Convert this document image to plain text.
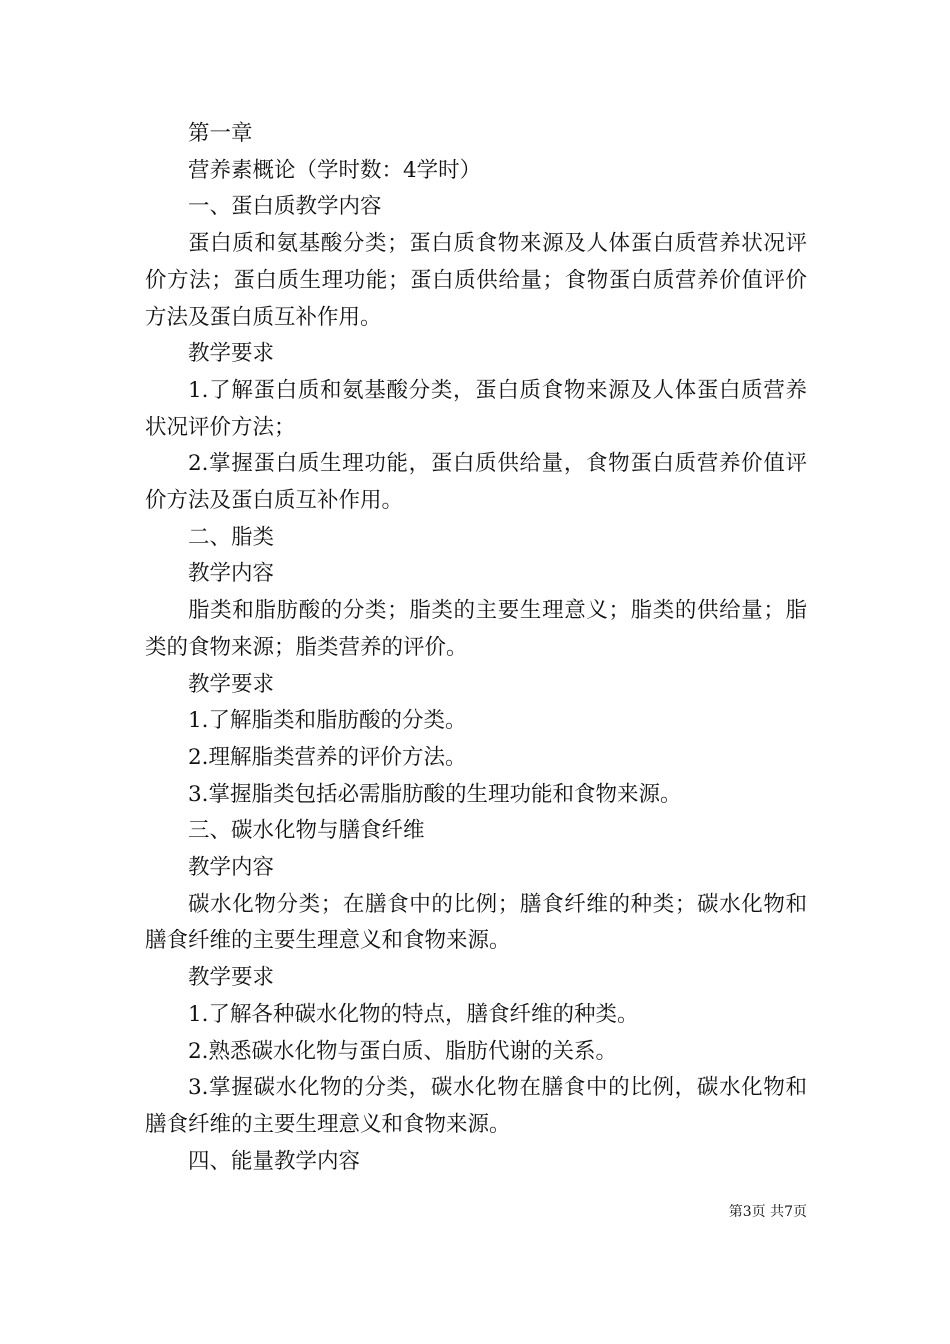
第一章

营养素概论（学时数：4学时）

一、蛋白质教学内容

蛋白质和氨基酸分类；蛋白质食物来源及人体蛋白质营养状况评价方法；蛋白质生理功能；蛋白质供给量；食物蛋白质营养价值评价方法及蛋白质互补作用。

教学要求

1.了解蛋白质和氨基酸分类，蛋白质食物来源及人体蛋白质营养状况评价方法；

2.掌握蛋白质生理功能，蛋白质供给量，食物蛋白质营养价值评价方法及蛋白质互补作用。

二、脂类

教学内容

脂类和脂肪酸的分类；脂类的主要生理意义；脂类的供给量；脂类的食物来源；脂类营养的评价。

教学要求

1.了解脂类和脂肪酸的分类。

2.理解脂类营养的评价方法。

3.掌握脂类包括必需脂肪酸的生理功能和食物来源。

三、碳水化物与膳食纤维

教学内容

碳水化物分类；在膳食中的比例；膳食纤维的种类；碳水化物和膳食纤维的主要生理意义和食物来源。

教学要求

1.了解各种碳水化物的特点，膳食纤维的种类。

2.熟悉碳水化物与蛋白质、脂肪代谢的关系。

3.掌握碳水化物的分类，碳水化物在膳食中的比例，碳水化物和膳食纤维的主要生理意义和食物来源。

四、能量教学内容

第3页 共7页
